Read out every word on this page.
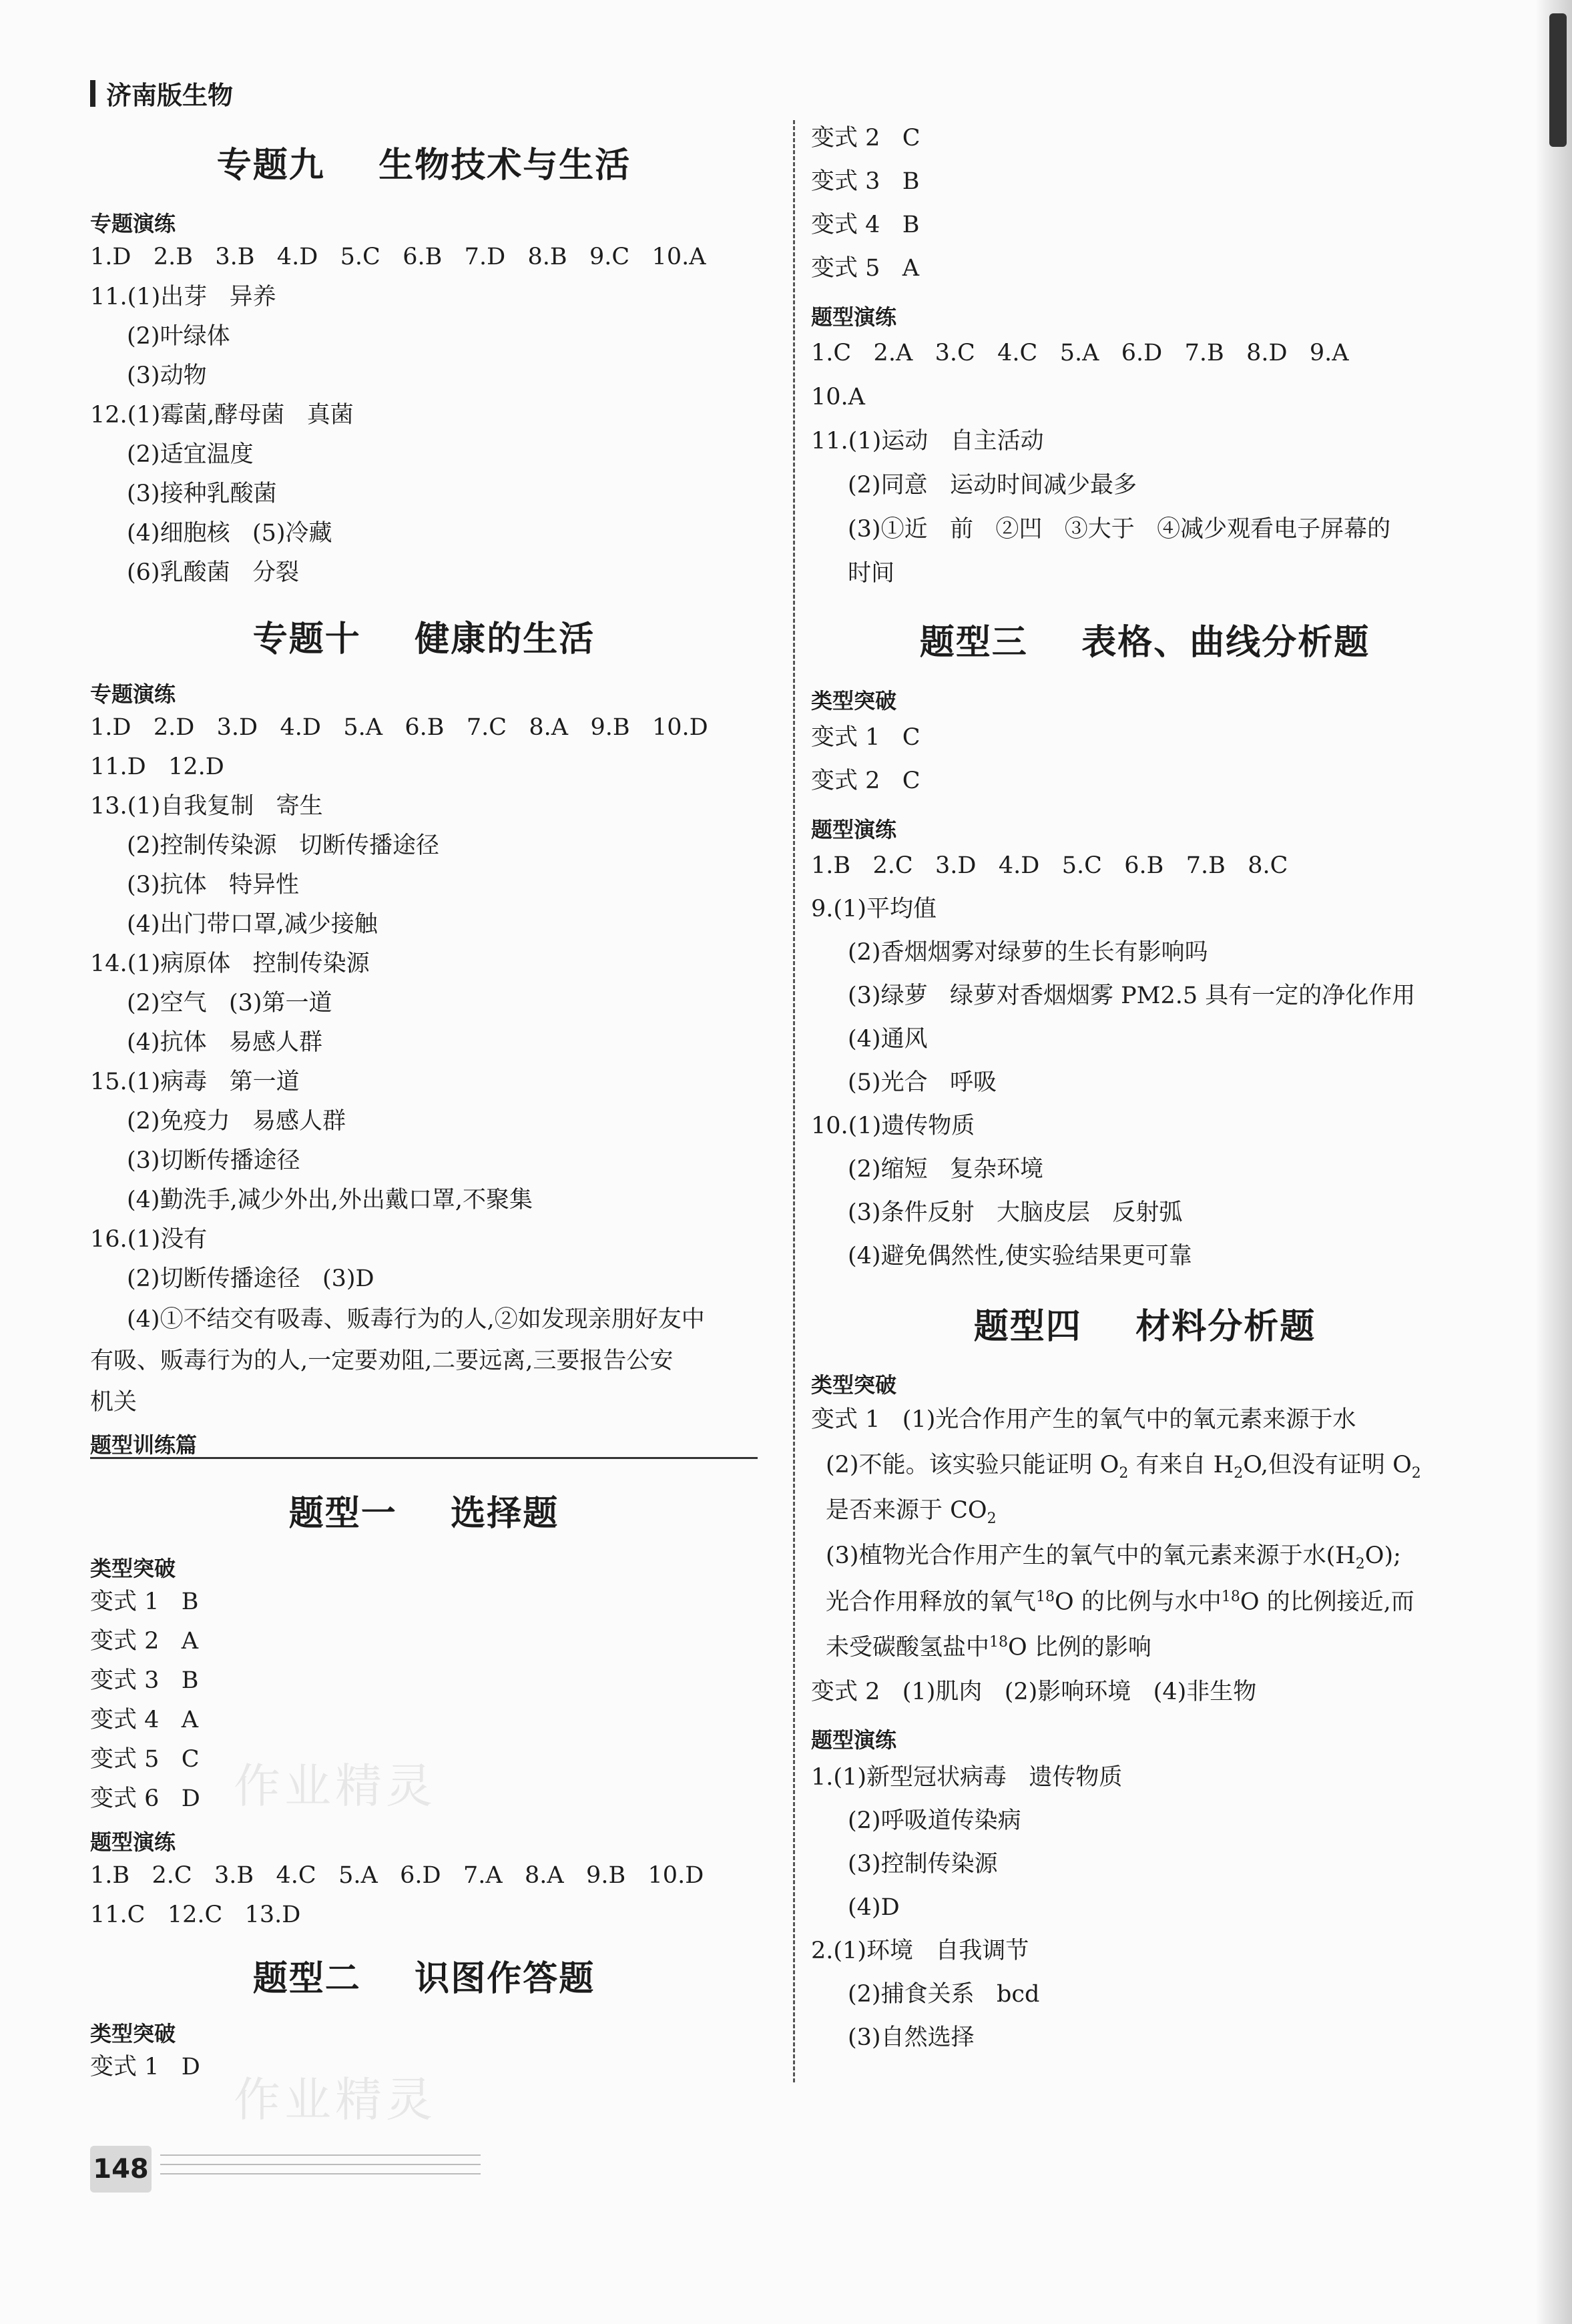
济南版生物
专题九    生物技术与生活
专题演练
1.D   2.B   3.B   4.D   5.C   6.B   7.D   8.B   9.C   10.A
11.(1)出芽   异养
(2)叶绿体
(3)动物
12.(1)霉菌,酵母菌   真菌
(2)适宜温度
(3)接种乳酸菌
(4)细胞核   (5)冷藏
(6)乳酸菌   分裂
专题十    健康的生活
专题演练
1.D   2.D   3.D   4.D   5.A   6.B   7.C   8.A   9.B   10.D
11.D   12.D
13.(1)自我复制   寄生
(2)控制传染源   切断传播途径
(3)抗体   特异性
(4)出门带口罩,减少接触
14.(1)病原体   控制传染源
(2)空气   (3)第一道
(4)抗体   易感人群
15.(1)病毒   第一道
(2)免疫力   易感人群
(3)切断传播途径
(4)勤洗手,减少外出,外出戴口罩,不聚集
16.(1)没有
(2)切断传播途径   (3)D
(4)①不结交有吸毒、贩毒行为的人,②如发现亲朋好友中
有吸、贩毒行为的人,一定要劝阻,二要远离,三要报告公安
机关
题型训练篇
题型一    选择题
类型突破
变式 1   B
变式 2   A
变式 3   B
变式 4   A
变式 5   C
变式 6   D
题型演练
1.B   2.C   3.B   4.C   5.A   6.D   7.A   8.A   9.B   10.D
11.C   12.C   13.D
题型二    识图作答题
类型突破
变式 1   D
变式 2   C
变式 3   B
变式 4   B
变式 5   A
题型演练
1.C   2.A   3.C   4.C   5.A   6.D   7.B   8.D   9.A
10.A
11.(1)运动   自主活动
(2)同意   运动时间减少最多
(3)①近   前   ②凹   ③大于   ④减少观看电子屏幕的
时间
题型三    表格、曲线分析题
类型突破
变式 1   C
变式 2   C
题型演练
1.B   2.C   3.D   4.D   5.C   6.B   7.B   8.C
9.(1)平均值
(2)香烟烟雾对绿萝的生长有影响吗
(3)绿萝   绿萝对香烟烟雾 PM2.5 具有一定的净化作用
(4)通风
(5)光合   呼吸
10.(1)遗传物质
(2)缩短   复杂环境
(3)条件反射   大脑皮层   反射弧
(4)避免偶然性,使实验结果更可靠
题型四    材料分析题
类型突破
变式 1   (1)光合作用产生的氧气中的氧元素来源于水
(2)不能。该实验只能证明 $O_2$ 有来自 $H_2O$,但没有证明 $O_2$
是否来源于 $CO_2$
(3)植物光合作用产生的氧气中的氧元素来源于水$(H_2O)$;
光合作用释放的氧气$^{18}$O 的比例与水中$^{18}$O 的比例接近,而
未受碳酸氢盐中$^{18}$O 比例的影响
变式 2   (1)肌肉   (2)影响环境   (4)非生物
题型演练
1.(1)新型冠状病毒   遗传物质
(2)呼吸道传染病
(3)控制传染源
(4)D
2.(1)环境   自我调节
(2)捕食关系   bcd
(3)自然选择
作业精灵
作业精灵
148
